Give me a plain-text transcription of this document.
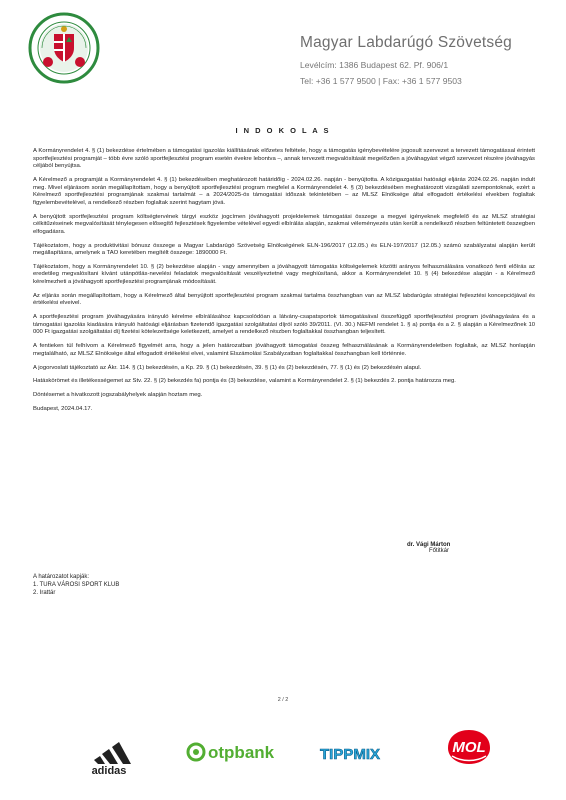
Magyar Labdarúgó Szövetség
Levélcím: 1386 Budapest 62. Pf. 906/1
Tel: +36 1 577 9500 | Fax: +36 1 577 9503
I N D O K O L A S

A Kormányrendelet 4. § (1) bekezdése értelmében a támogatási igazolás kiállításának előzetes feltétele, hogy a támogatás igénybevételére jogosult szervezet a tervezett támogatással érintett sportfejlesztési programját – több évre szóló sportfejlesztési program esetén évekre lebontva –, annak tervezett megvalósítását megelőzően a jóváhagyást végző szervezet részére jóváhagyás céljából benyújtsa.

A Kérelmező a programját a Kormányrendelet 4. § (1) bekezdésében meghatározott határidőig - 2024.02.26. napján - benyújtotta. A közigazgatási hatósági eljárás 2024.02.26. napján indult meg. Mivel eljárásom során megállapítottam, hogy a benyújtott sportfejlesztési program megfelel a Kormányrendelet 4. § (3) bekezdésében meghatározott vizsgálati szempontoknak, ezért a Kérelmező sportfejlesztési programjának szakmai tartalmát – a 2024/2025-ös támogatási időszak tekintetében – az MLSZ Elnöksége által elfogadott értékelési elvekben foglaltak figyelembevételével, a rendelkező részben foglaltak szerint hagytam jóvá.

A benyújtott sportfejlesztési program költségtervének tárgyi eszköz jogcímen jóváhagyott projektelemek támogatási összege a megyei igényeknek megfelelő és az MLSZ stratégiai célkitűzéseinek megvalósítását ténylegesen elősegítő fejlesztések figyelembe vételével egyedi elbírálás alapján, szakmai véleményezés után került a rendelkező részben feltüntetett összegben elfogadásra.

Tájékoztatom, hogy a produktivitási bónusz összege a Magyar Labdarúgó Szövetség Elnökségének ELN-196/2017 (12.05.) és ELN-197/2017 (12.05.) számú szabályzatai alapján került megállapításra, amelynek a TAO keretében megítélt összege: 1890000 Ft.

Tájékoztatom, hogy a Kormányrendelet 10. § (2) bekezdése alapján - vagy amennyiben a jóváhagyott támogatás költségelemek közötti arányos felhasználására vonatkozó fenti előírás az eredetileg megvalósítani kívánt utánpótlás-nevelési feladatok megvalósítását veszélyeztetné vagy meghiúsítaná, akkor a Kormányrendelet 10. § (4) bekezdése alapján - a Kérelmező kérelmezheti a jóváhagyott sportfejlesztési programjának módosítását.

Az eljárás során megállapítottam, hogy a Kérelmező által benyújtott sportfejlesztési program szakmai tartalma összhangban van az MLSZ labdarúgás stratégiai fejlesztési koncepciójával és értékelési elveivel.

A sportfejlesztési program jóváhagyására irányuló kérelme elbírálásához kapcsolódóan a látvány-csapatsportok támogatásával összefüggő sportfejlesztési program jóváhagyására és a támogatási igazolás kiadására irányuló hatósági eljárásban fizetendő igazgatási szolgáltatási díjról szóló 39/2011. (VI. 30.) NEFMI rendelet 1. § a) pontja és a 2. § alapján a Kérelmezőnek 10 000 Ft igazgatási szolgáltatási díj fizetési kötelezettsége keletkezett, amelyet a rendelkező részben foglaltakkal összhangban teljesített.

A fentieken túl felhívom a Kérelmező figyelmét arra, hogy a jelen határozatban jóváhagyott támogatási összeg felhasználásának a Kormányrendeletben foglaltak, az MLSZ honlapján megtalálható, az MLSZ Elnöksége által elfogadott értékelési elvei, valamint Elszámolási Szabályzatban foglaltakkal összhangban kell történnie.

A jogorvoslati tájékoztató az Ákr. 114. § (1) bekezdésén, a Kp. 29. § (1) bekezdésén, 39. § (1) és (2) bekezdésén, 77. § (1) és (2) bekezdésén alapul.

Hatáskörömet és illetékességemet az Stv. 22. § (2) bekezdés fa) pontja és (3) bekezdése, valamint a Kormányrendelet 2. § (1) bekezdés 2. pontja határozza meg.

Döntésemet a hivatkozott jogszabályhelyek alapján hoztam meg.

Budapest, 2024.04.17.

dr. Vági Márton
Főtitkár
A határozatot kapják:
1. TURA VÁROSI SPORT KLUB
2. Irattár
2 / 2
adidas
otpbank	TIPPMIX	MOL
